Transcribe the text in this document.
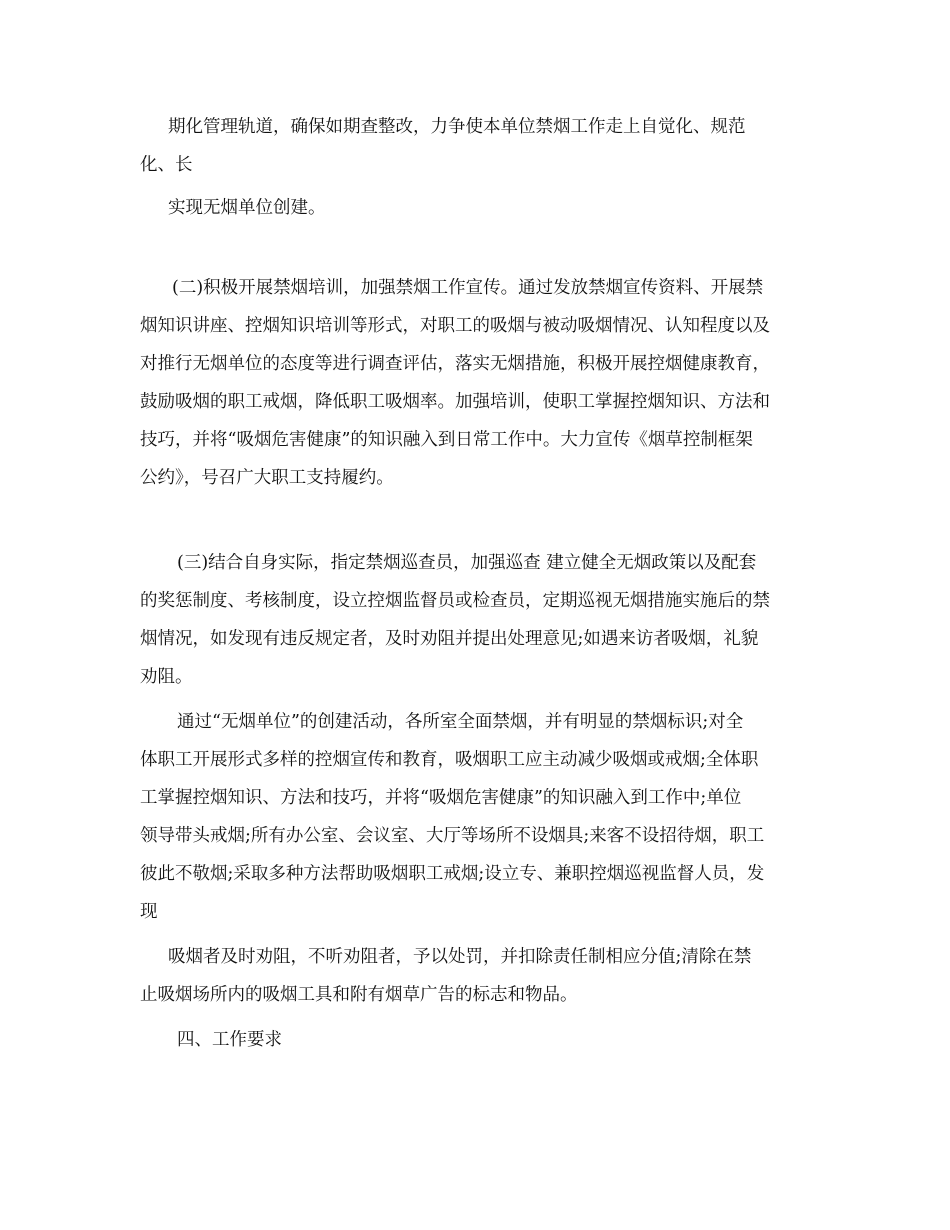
期化管理轨道，确保如期查整改，力争使本单位禁烟工作走上自觉化、规范

化、长

实现无烟单位创建。

(二)积极开展禁烟培训，加强禁烟工作宣传。通过发放禁烟宣传资料、开展禁

烟知识讲座、控烟知识培训等形式，对职工的吸烟与被动吸烟情况、认知程度以及

对推行无烟单位的态度等进行调查评估，落实无烟措施，积极开展控烟健康教育，

鼓励吸烟的职工戒烟，降低职工吸烟率。加强培训，使职工掌握控烟知识、方法和

技巧，并将“吸烟危害健康”的知识融入到日常工作中。大力宣传《烟草控制框架

公约》，号召广大职工支持履约。

(三)结合自身实际，指定禁烟巡查员，加强巡查 建立健全无烟政策以及配套

的奖惩制度、考核制度，设立控烟监督员或检查员，定期巡视无烟措施实施后的禁

烟情况，如发现有违反规定者，及时劝阻并提出处理意见;如遇来访者吸烟，礼貌

劝阻。

通过“无烟单位”的创建活动，各所室全面禁烟，并有明显的禁烟标识;对全

体职工开展形式多样的控烟宣传和教育，吸烟职工应主动减少吸烟或戒烟;全体职

工掌握控烟知识、方法和技巧，并将“吸烟危害健康”的知识融入到工作中;单位

领导带头戒烟;所有办公室、会议室、大厅等场所不设烟具;来客不设招待烟，职工

彼此不敬烟;采取多种方法帮助吸烟职工戒烟;设立专、兼职控烟巡视监督人员，发

现

吸烟者及时劝阻，不听劝阻者，予以处罚，并扣除责任制相应分值;清除在禁

止吸烟场所内的吸烟工具和附有烟草广告的标志和物品。

四、工作要求
